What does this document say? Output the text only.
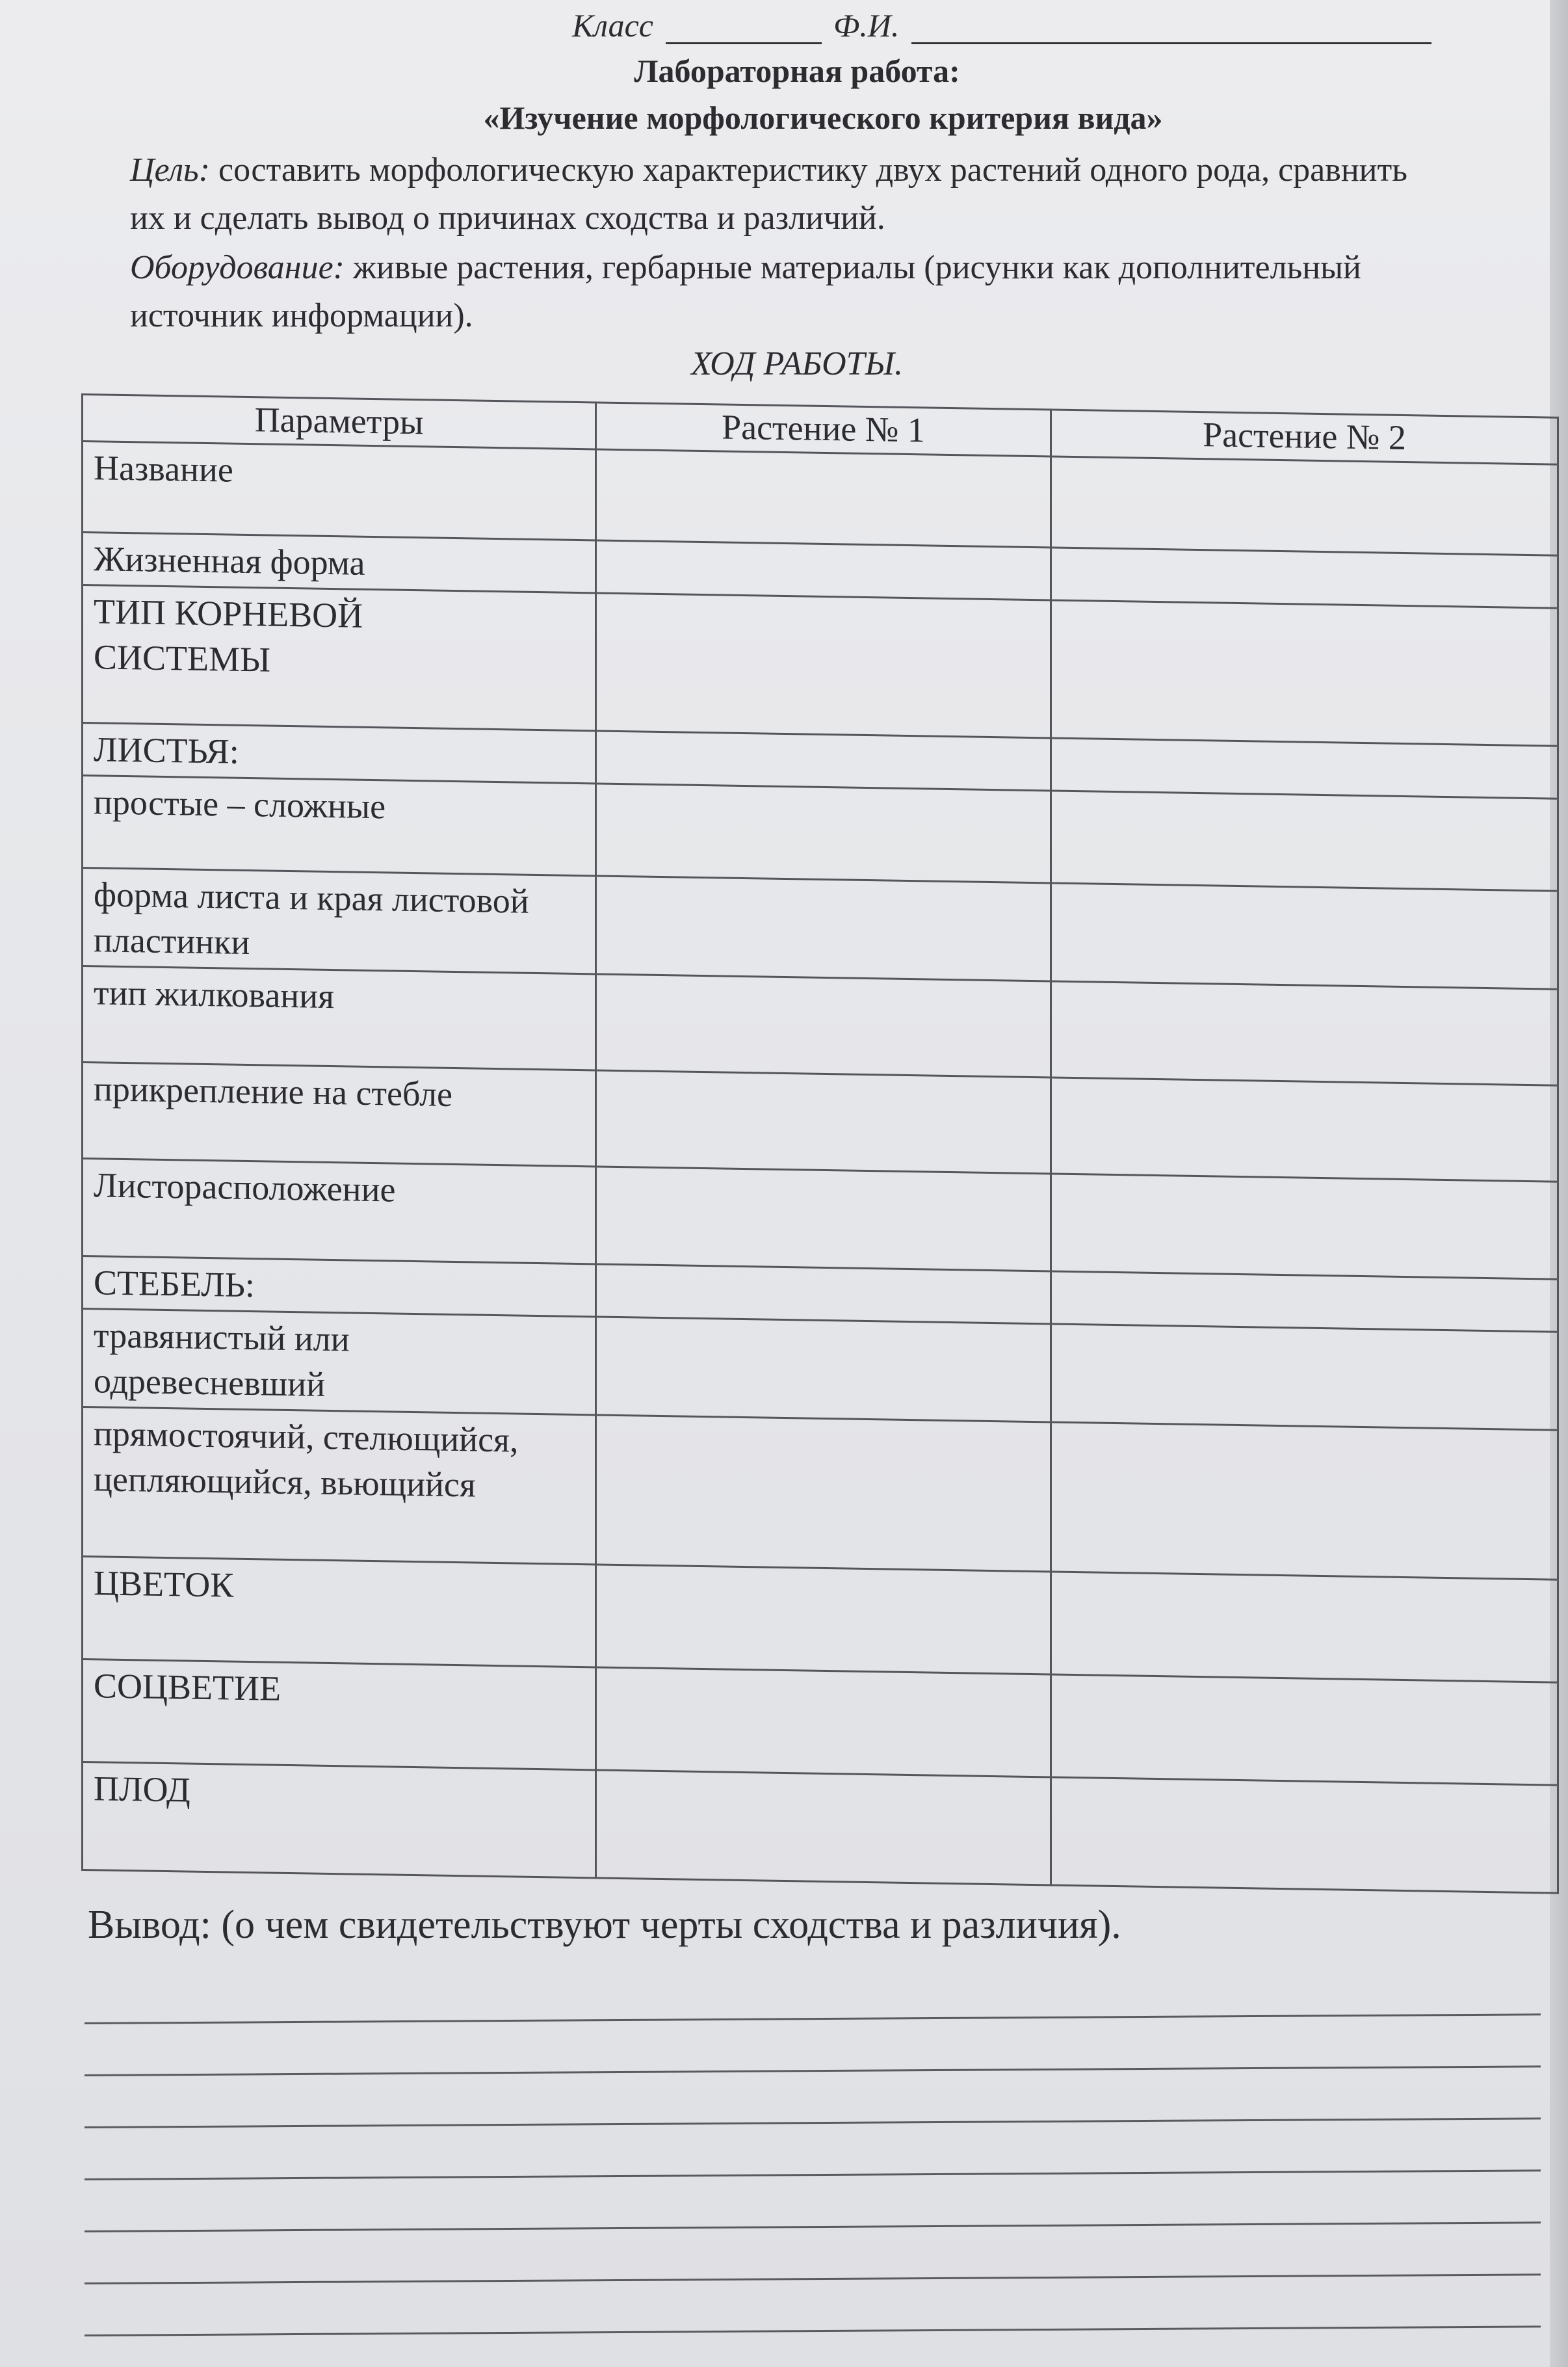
Класс	Ф.И.
Лабораторная работа:
«Изучение морфологического критерия вида»
Цель: составить морфологическую характеристику двух растений одного рода, сравнить их и сделать вывод о причинах сходства и различий.
Оборудование: живые растения, гербарные материалы (рисунки как дополнительный источник информации).
ХОД РАБОТЫ.
Параметры	Растение № 1	Растение № 2
Название		
Жизненная форма		
ТИП КОРНЕВОЙ СИСТЕМЫ		
ЛИСТЬЯ:		
простые – сложные		
форма листа и края листовой пластинки		
тип жилкования		
прикрепление на стебле		
Листорасположение		
СТЕБЕЛЬ:		
травянистый или одревесневший		
прямостоячий, стелющийся, цепляющийся, вьющийся		
ЦВЕТОК		
СОЦВЕТИЕ		
ПЛОД		
Вывод: (о чем свидетельствуют черты сходства и различия).
